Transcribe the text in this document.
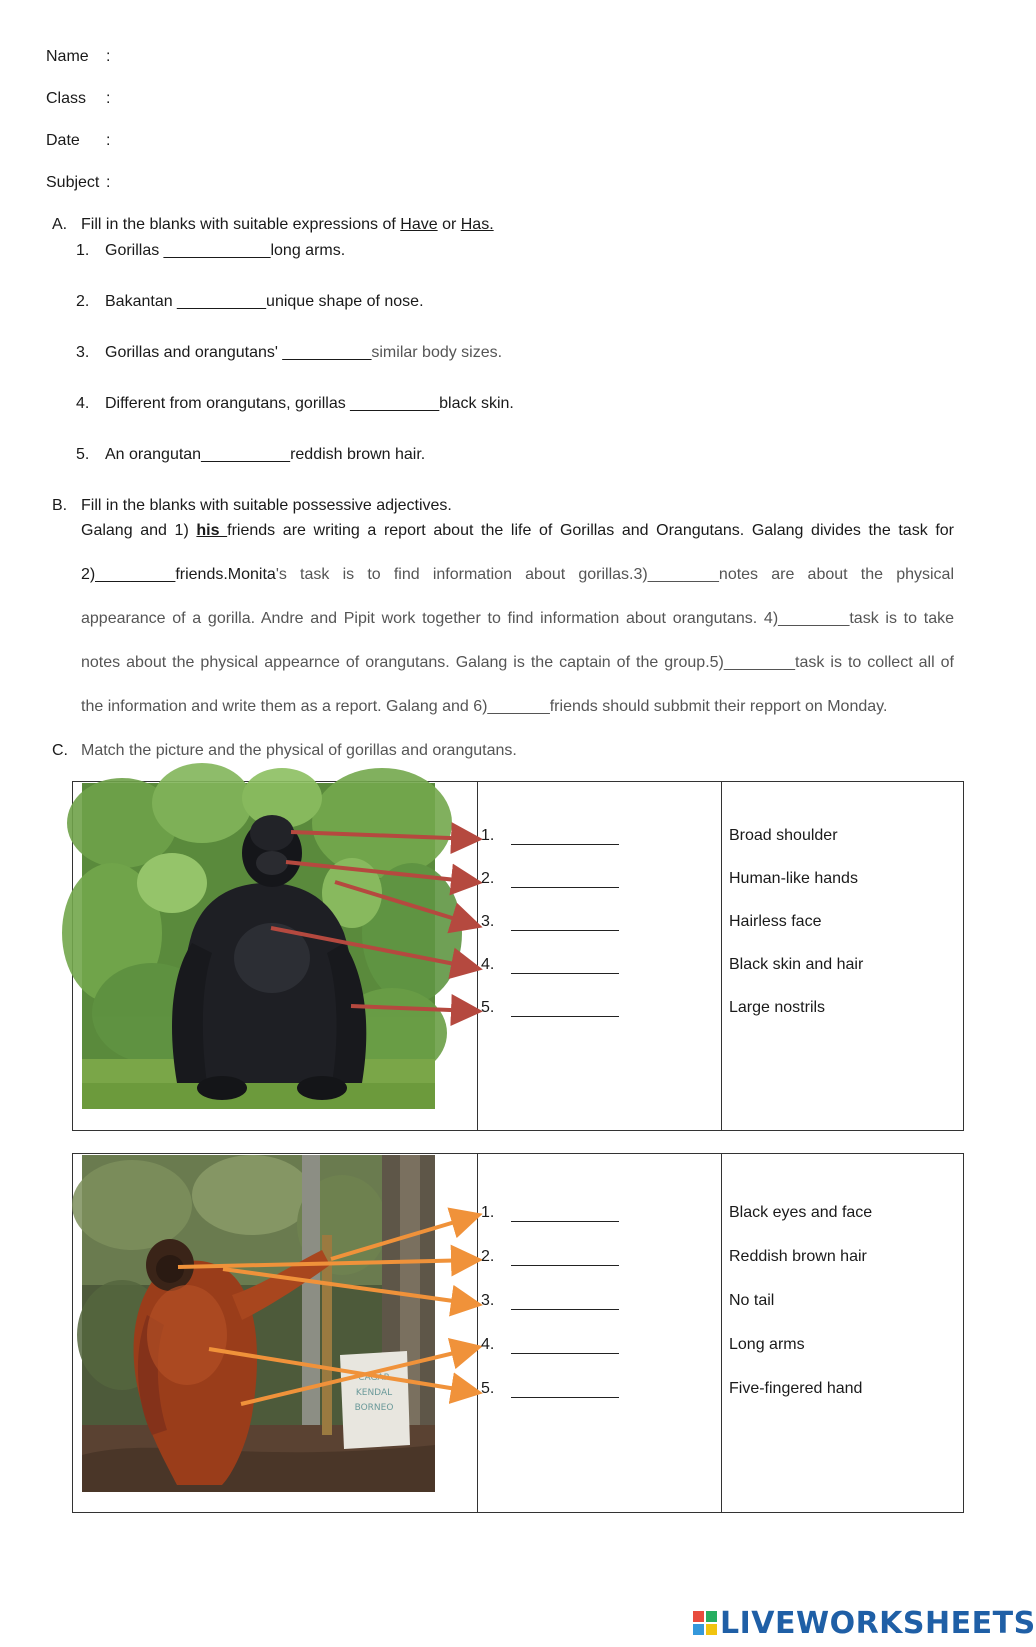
Name :
Class :
Date :
Subject :
A. Fill in the blanks with suitable expressions of Have or Has.
1. Gorillas ____________long arms.
2. Bakantan __________unique shape of nose.
3. Gorillas and orangutans' __________similar body sizes.
4. Different from orangutans, gorillas __________black skin.
5. An orangutan__________reddish brown hair.
B. Fill in the blanks with suitable possessive adjectives.
Galang and 1) his friends are writing a report about the life of Gorillas and Orangutans. Galang divides the task for
2)_________friends.Monita's task is to find information about gorillas.3)________notes are about the physical
appearance of a gorilla. Andre and Pipit work together to find information about orangutans. 4)________task is to take
notes about the physical appearnce of orangutans. Galang is the captain of the group.5)________task is to collect all of
the information and write them as a report. Galang and 6)_______friends should subbmit their repport on Monday.
C. Match the picture and the physical of gorillas and orangutans.
1.
2.
3.
4.
5.
Broad shoulder
Human-like hands
Hairless face
Black skin and hair
Large nostrils
CAGAR
KENDAL
BORNEO
1.
2.
3.
4.
5.
Black eyes and face
Reddish brown hair
No tail
Long arms
Five-fingered hand
LIVEWORKSHEETS
